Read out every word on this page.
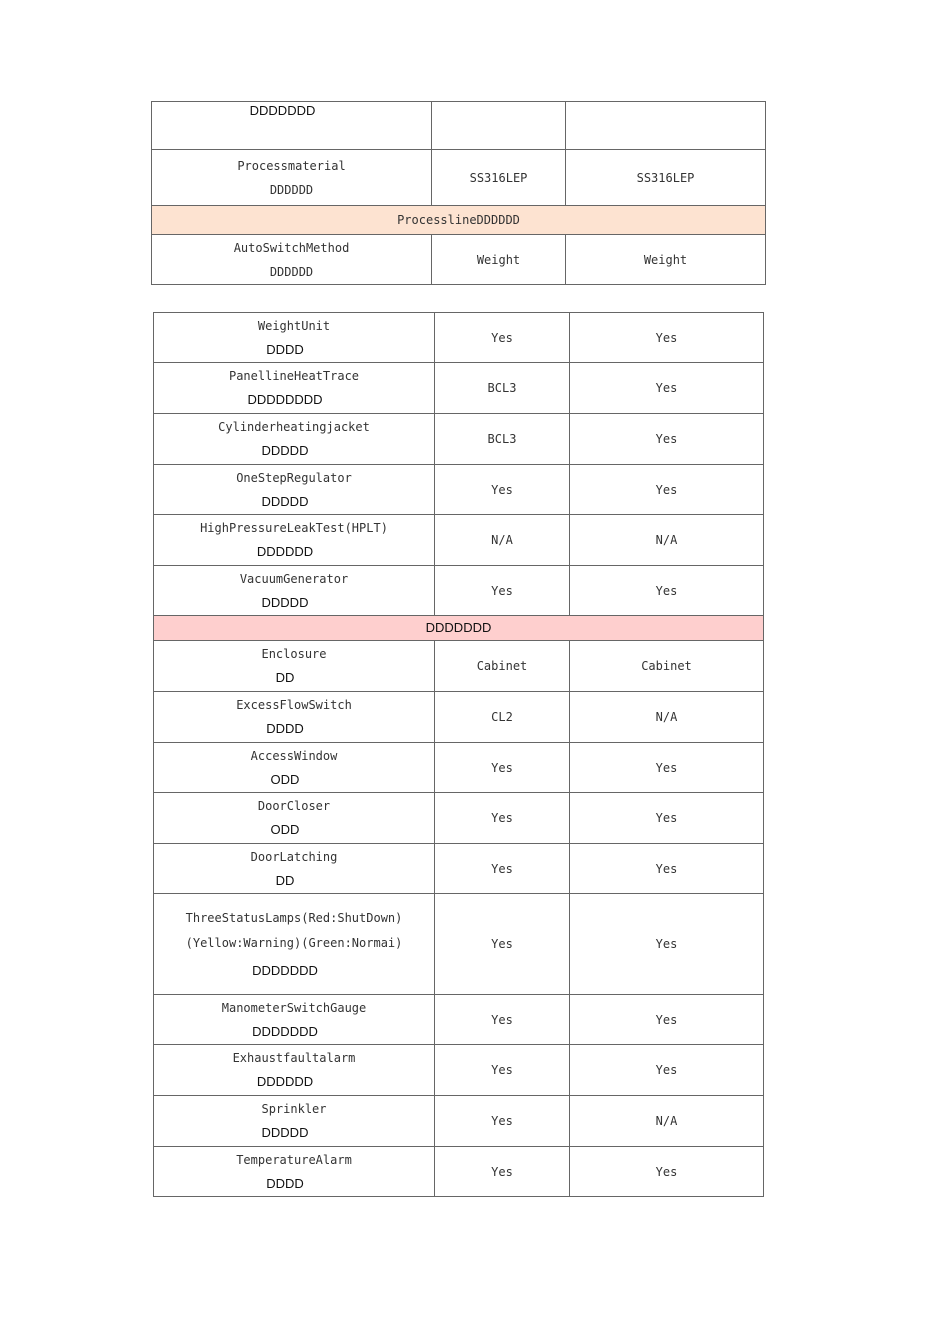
DDDDDDD		

Processmaterial
DDDDDD	SS316LEP	SS316LEP
ProcesslineDDDDDD		

AutoSwitchMethod
DDDDDD	Weight	Weight
WeightUnit
DDDD	Yes	Yes

PanellineHeatTrace
DDDDDDDD	BCL3	Yes

Cylinderheatingjacket
DDDDD	BCL3	Yes

OneStepRegulator
DDDDD	Yes	Yes

HighPressureLeakTest(HPLT)
DDDDDD	N/A	N/A

VacuumGenerator
DDDDD	Yes	Yes

DDDDDDD		

Enclosure
DD	Cabinet	Cabinet

ExcessFlowSwitch
DDDD	CL2	N/A

AccessWindow
ODD	Yes	Yes

DoorCloser
ODD	Yes	Yes

DoorLatching
DD	Yes	Yes

ThreeStatusLamps(Red:ShutDown)
(Yellow:Warning)(Green:Normai)
DDDDDDD	Yes	Yes

ManometerSwitchGauge
DDDDDDD	Yes	Yes

Exhaustfaultalarm
DDDDDD	Yes	Yes

Sprinkler
DDDDD	Yes	N/A

TemperatureAlarm
DDDD	Yes	Yes
